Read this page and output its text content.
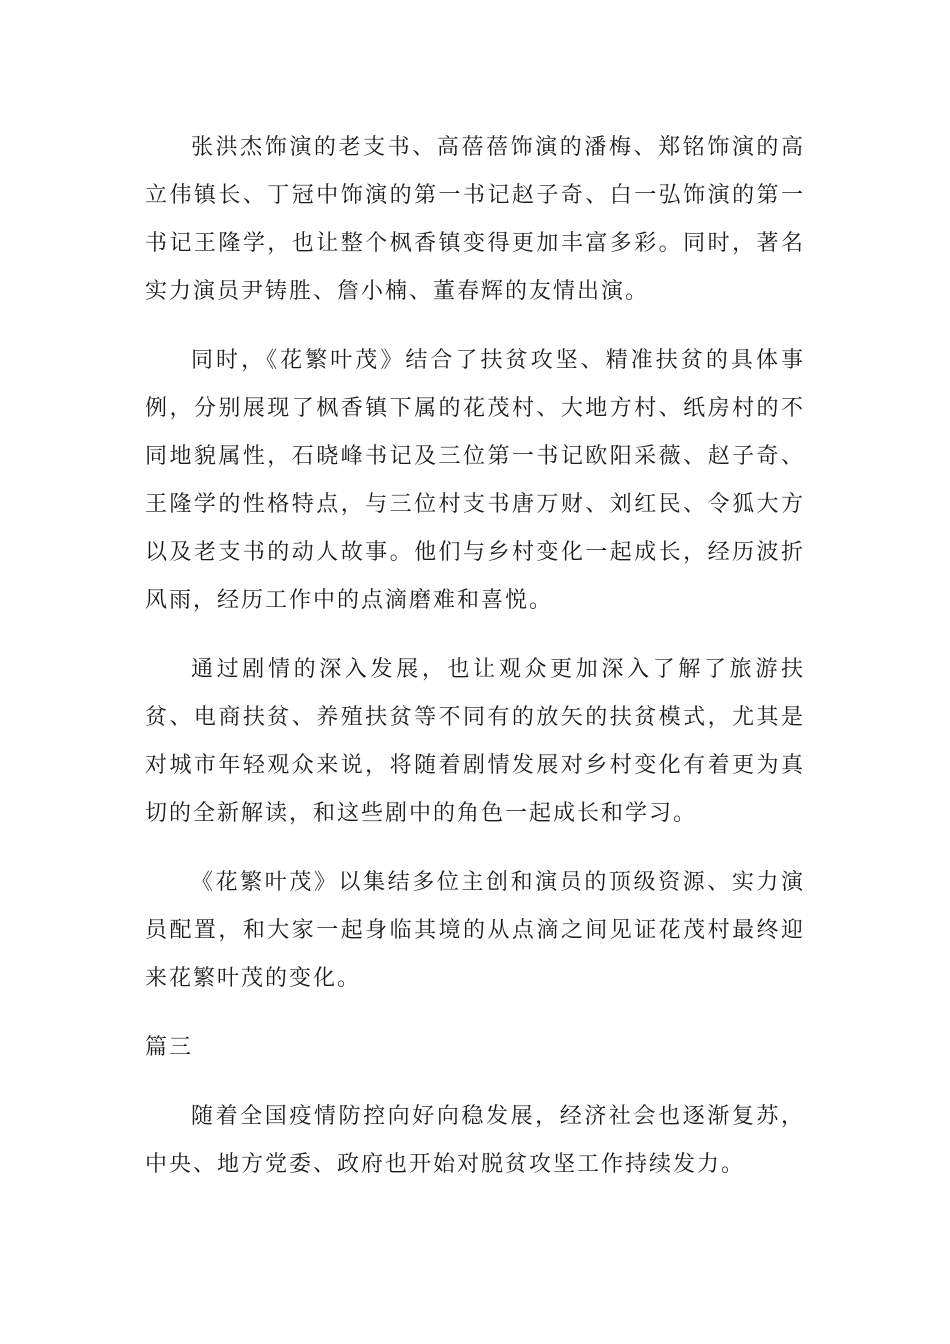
张洪杰饰演的老支书、高蓓蓓饰演的潘梅、郑铭饰演的高立伟镇长、丁冠中饰演的第一书记赵子奇、白一弘饰演的第一书记王隆学，也让整个枫香镇变得更加丰富多彩。同时，著名实力演员尹铸胜、詹小楠、董春辉的友情出演。

同时，《花繁叶茂》结合了扶贫攻坚、精准扶贫的具体事例，分别展现了枫香镇下属的花茂村、大地方村、纸房村的不同地貌属性，石晓峰书记及三位第一书记欧阳采薇、赵子奇、王隆学的性格特点，与三位村支书唐万财、刘红民、令狐大方以及老支书的动人故事。他们与乡村变化一起成长，经历波折风雨，经历工作中的点滴磨难和喜悦。

通过剧情的深入发展，也让观众更加深入了解了旅游扶贫、电商扶贫、养殖扶贫等不同有的放矢的扶贫模式，尤其是对城市年轻观众来说，将随着剧情发展对乡村变化有着更为真切的全新解读，和这些剧中的角色一起成长和学习。

《花繁叶茂》以集结多位主创和演员的顶级资源、实力演员配置，和大家一起身临其境的从点滴之间见证花茂村最终迎来花繁叶茂的变化。

篇三

随着全国疫情防控向好向稳发展，经济社会也逐渐复苏，中央、地方党委、政府也开始对脱贫攻坚工作持续发力。
